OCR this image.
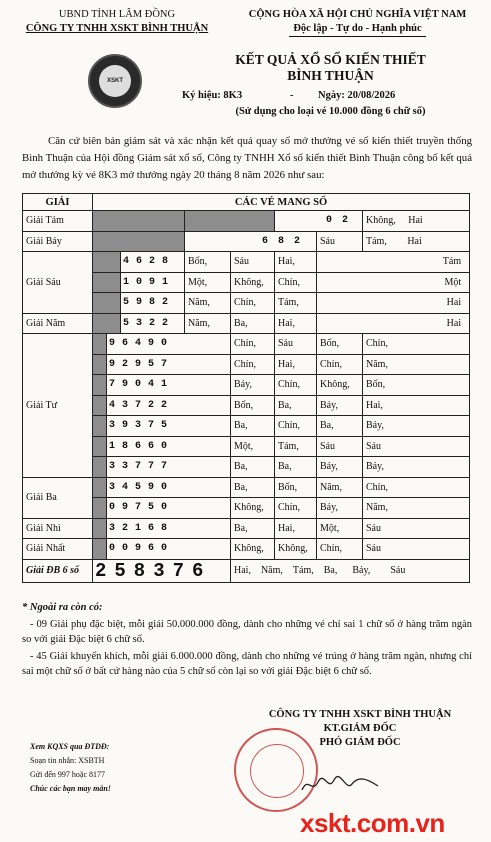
UBND TỈNH LÂM ĐỒNG
CÔNG TY TNHH XSKT BÌNH THUẬN
CỘNG HÒA XÃ HỘI CHỦ NGHĨA VIỆT NAM
Độc lập - Tự do - Hạnh phúc
XSKT
KẾT QUẢ XỔ SỐ KIẾN THIẾT
BÌNH THUẬN
Ký hiệu: 8K3	- Ngày: 20/08/2026
(Sử dụng cho loại vé 10.000 đồng 6 chữ số)
Căn cứ biên bản giám sát và xác nhận kết quả quay số mở thưởng vé số kiến thiết truyền thống Bình Thuận của Hội đồng Giám sát xổ số, Công ty TNHH Xổ số kiến thiết Bình Thuận công bố kết quả mở thưởng kỳ vé 8K3 mở thưởng ngày 20 tháng 8 năm 2026 như sau:
GIẢI	CÁC VÉ MANG SỐ								
Giải Tám						02		Không, Hai	
Giải Bảy				682			Sáu	Tám, Hai	
Giải Sáu			4628	Bốn,	Sáu	Hai,	Tám		
			1091	Một,	Không,	Chín,	Một		
			5982	Năm,	Chín,	Tám,	Hai		
Giải Năm			5322	Năm,	Ba,	Hai,	Hai		
Giải Tư		96490			Chín,	Sáu	Bốn,	Chín,	
		92957			Chín,	Hai,	Chín,	Năm,	
		79041			Bảy,	Chín,	Không,	Bốn,	
		43722			Bốn,	Ba,	Bảy,	Hai,	
		39375			Ba,	Chín,	Ba,	Bảy,	
		18660			Một,	Tám,	Sáu	Sáu	
		33777			Ba,	Ba,	Bảy,	Bảy,	
Giải Ba		34590			Ba,	Bốn,	Năm,	Chín,	
		09750			Không,	Chín,	Bảy,	Năm,	
Giải Nhì		32168			Ba,	Hai,	Một,	Sáu	
Giải Nhất		00960			Không,	Không,	Chín,	Sáu	
Giải ĐB 6 số	258376				Hai, Năm, Tám, Ba, Bảy, Sáu				
* Ngoài ra còn có:

- 09 Giải phụ đặc biệt, mỗi giải 50.000.000 đồng, dành cho những vé chỉ sai 1 chữ số ở hàng trăm ngàn so với giải Đặc biệt 6 chữ số.

- 45 Giải khuyến khích, mỗi giải 6.000.000 đồng, dành cho những vé trúng ở hàng trăm ngàn, nhưng chỉ sai một chữ số ở bất cứ hàng nào của 5 chữ số còn lại so với giải Đặc biệt 6 chữ số.

Xem KQXS qua ĐTDĐ:
Soạn tin nhắn: XSBTH
Gửi đến 997 hoặc 8177
Chúc các bạn may mắn!
CÔNG TY TNHH XSKT BÌNH THUẬN
KT.GIÁM ĐỐC
PHÓ GIÁM ĐỐC
xskt.com.vn
